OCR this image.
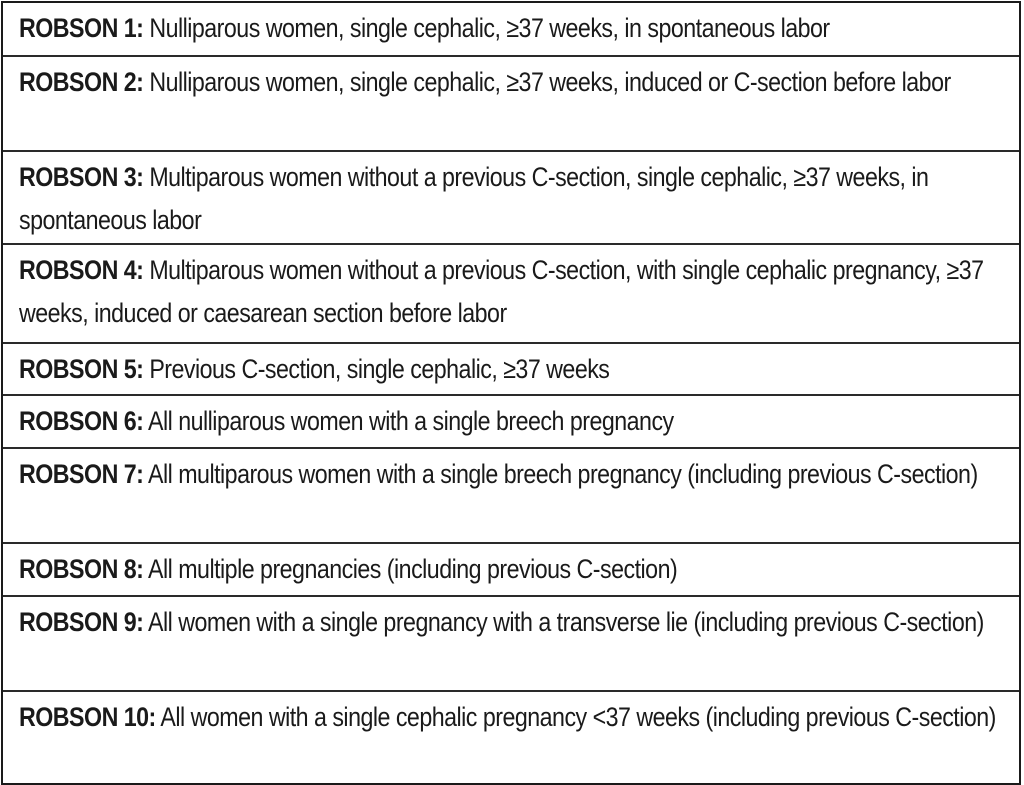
ROBSON 1: Nulliparous women, single cephalic, ≥37 weeks, in spontaneous labor
ROBSON 2: Nulliparous women, single cephalic, ≥37 weeks, induced or C-section before labor
ROBSON 3: Multiparous women without a previous C-section, single cephalic, ≥37 weeks, in spontaneous labor
ROBSON 4: Multiparous women without a previous C-section, with single cephalic pregnancy, ≥37 weeks, induced or caesarean section before labor
ROBSON 5: Previous C-section, single cephalic, ≥37 weeks
ROBSON 6: All nulliparous women with a single breech pregnancy
ROBSON 7: All multiparous women with a single breech pregnancy (including previous C-section)
ROBSON 8: All multiple pregnancies (including previous C-section)
ROBSON 9: All women with a single pregnancy with a transverse lie (including previous C-section)
ROBSON 10: All women with a single cephalic pregnancy <37 weeks (including previous C-section)
